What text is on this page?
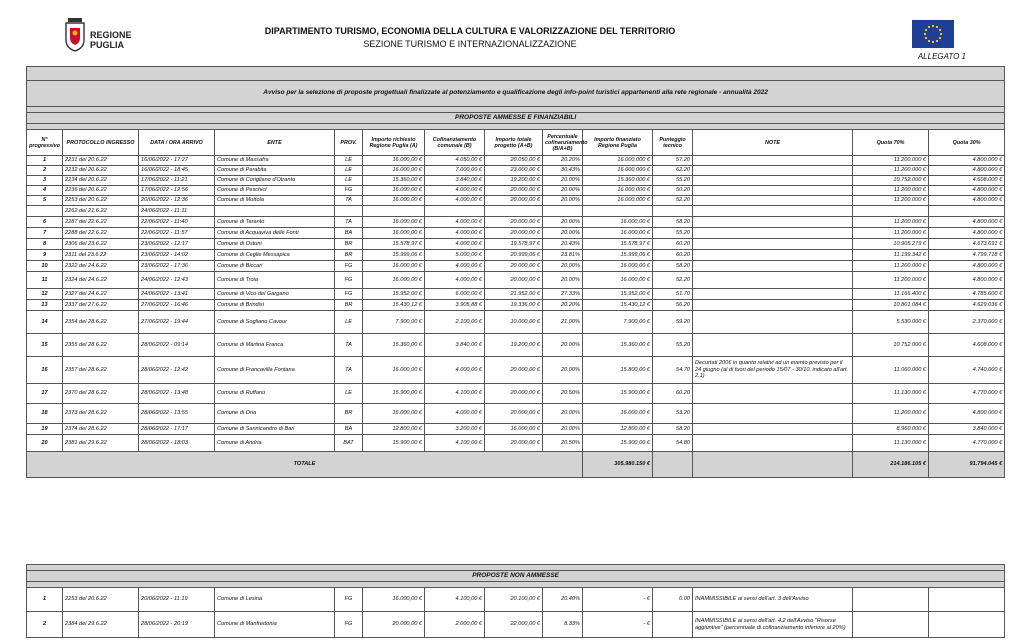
REGIONE
PUGLIA
DIPARTIMENTO TURISMO, ECONOMIA DELLA CULTURA E VALORIZZAZIONE DEL TERRITORIO
SEZIONE TURISMO E INTERNAZIONALIZZAZIONE
ALLEGATO 1

Avviso per la selezione di proposte progettuali finalizzate al potenziamento e qualificazione degli info-point turistici appartenenti alla rete regionale - annualità 2022													

PROPOSTE AMMESSE E FINANZIABILI													

N° progressivo	PROTOCOLLO INGRESSO	DATA / ORA ARRIVO	ENTE	PROV.	Importo richiesto Regione Puglia (A)	Cofinanziamento comunale (B)	Importo totale progetto (A+B)	Percentuale cofinanziamento (B/A+B)	Importo finanziato Regione Puglia	Punteggio tecnico	NOTE	Quota 70%	Quota 30%
1	2231 del 20.6.22	16/06/2022 - 17:27	Comune di Massafra	LE	16.000,00 €	4.050,00 €	20.050,00 €	20.20%	16.000.000 €	57.20		11.200.000 €	4.800.000 €
2	2232 del 20.6.22	16/06/2022 - 18:45	Comune di Parabita	LE	16.000,00 €	7.000,00 €	23.000,00 €	30.43%	16.000.000 €	62.20		11.200.000 €	4.800.000 €
3	2234 del 20.6.22	17/06/2022 - 11:21	Comune di Corigliano d'Otranto	LE	15.360,00 €	3.840,00 €	19.200,00 €	20.00%	15.360.000 €	55.20		10.752.000 €	4.608.000 €
4	2236 del 20.6.22	17/06/2022 - 12:56	Comune di Peschici	FG	16.000,00 €	4.000,00 €	20.000,00 €	20.00%	16.000.000 €	50.20		11.200.000 €	4.800.000 €
5	2253 del 20.6.22	20/06/2022 - 12:36	Comune di Mottola	TA	16.000,00 €	4.000,00 €	20.000,00 €	20.00%	16.000.000 €	52.20		11.200.000 €	4.800.000 €
	2262 del 21.6.22	24/06/2022 - 11:11											
6	2287 del 22.6.22	22/06/2022 - 11:40	Comune di Taranto	TA	16.000,00 €	4.000,00 €	20.000,00 €	20.00%	16.000,00 €	58.20		11.200.000 €	4.800.000 €
7	2288 del 22.6.22	22/06/2022 - 11:57	Comune di Acquaviva delle Fonti	BA	16.000,00 €	4.000,00 €	20.000,00 €	20.00%	16.000,00 €	55.20		11.200.000 €	4.800.000 €
8	2306 del 23.6.22	23/06/2022 - 12:17	Comune di Ostuni	BR	15.578,97 €	4.000,00 €	19.578,97 €	20.43%	15.578,97 €	60.20		10.905.279 €	4.673.691 €
9	2311 del 23.6.22	23/06/2022 - 14:02	Comune di Ceglie Messapica	BR	15.999,06 €	5.000,00 €	20.999,06 €	23.81%	15.999,06 €	60.20		11.199.342 €	4.799.718 €
10	2322 del 24.6.22	23/06/2022 - 17:36	Comune di Biccari	FG	16.000,00 €	4.000,00 €	20.000,00 €	20.00%	16.000,00 €	58.20		11.200.000 €	4.800.000 €
11	2324 del 24.6.22	24/06/2022 - 12:43	Comune di Troia	FG	16.000,00 €	4.000,00 €	20.000,00 €	20.00%	16.000,00 €	52.20		11.200.000 €	4.800.000 €
12	2327 del 24.6.22	24/06/2022 - 13:41	Comune di Vico del Gargano	FG	15.952,00 €	6.000,00 €	21.952,00 €	27.33%	15.952,00 €	51.70		11.166.400 €	4.785.600 €
13	2337 del 27.6.22	27/06/2022 - 16:46	Comune di Brindisi	BR	15.430,12 €	3.905,88 €	19.336,00 €	20.20%	15.430,12 €	56.20		10.801.084 €	4.629.036 €
14	2354 del 28.6.22	27/06/2022 - 19:44	Comune di Sogliano Cavour	LE	7.900,00 €	2.100,00 €	10.000,00 €	21.00%	7.900,00 €	59.20		5.530.000 €	2.370.000 €
15	2355 del 28.6.22	28/06/2022 - 09:14	Comune di Martina Franca	TA	15.360,00 €	3.840,00 €	19.200,00 €	20.00%	15.360,00 €	55.20		10.752.000 €	4.608.000 €
16	2357 del 28.6.22	28/06/2022 - 12:42	Comune di Francavilla Fontana	TA	16.000,00 €	4.000,00 €	20.000,00 €	20.00%	15.800,00 €	54.70	Decurtati 200€ in quanto relativi ad un evento previsto per il 24 giugno (al di fuori del periodo 15/07 - 30/10, indicato all'art. 2.1)	11.060.000 €	4.740.000 €
17	2370 del 28.6.22	28/06/2022 - 13:48	Comune di Ruffano	LE	15.900,00 €	4.100,00 €	20.000,00 €	20.50%	15.900,00 €	60.20		11.130.000 €	4.770.000 €
18	2373 del 28.6.22	28/06/2022 - 13:55	Comune di Oria	BR	16.000,00 €	4.000,00 €	20.000,00 €	20.00%	16.000,00 €	53.20		11.200.000 €	4.800.000 €
19	2374 del 28.6.22	28/06/2022 - 17:17	Comune di Sannicandro di Bari	BA	12.800,00 €	3.200,00 €	16.000,00 €	20.00%	12.800,00 €	58.20		8.960.000 €	3.840.000 €
20	2381 del 29.6.22	28/06/2022 - 18:03	Comune di Andria	BAT	15.900,00 €	4.100,00 €	20.000,00 €	20.50%	15.900,00 €	54.80		11.130.000 €	4.770.000 €
TOTALE									305.980.150 €			214.186.105 €	91.794.045 €

PROPOSTE NON AMMESSE													

1	2253 del 20.6.22	20/06/2022 - 11:19	Comune di Lesina	FG	16.000,00 €	4.100,00 €	20.100,00 €	20.40%	- €	0.00	INAMMISSIBILE ai sensi dell'art. 3 dell'Avviso		
2	2384 del 29.6.22	28/06/2022 - 20:19	Comune di Manfredonia	FG	20.000,00 €	2.000,00 €	22.000,00 €	8.33%	- €		INAMMISSIBILE ai sensi dell'art. 4.2 dell'Avviso "Risorse aggiuntive" (percentuale di cofinanziamento inferiore al 20%)		
